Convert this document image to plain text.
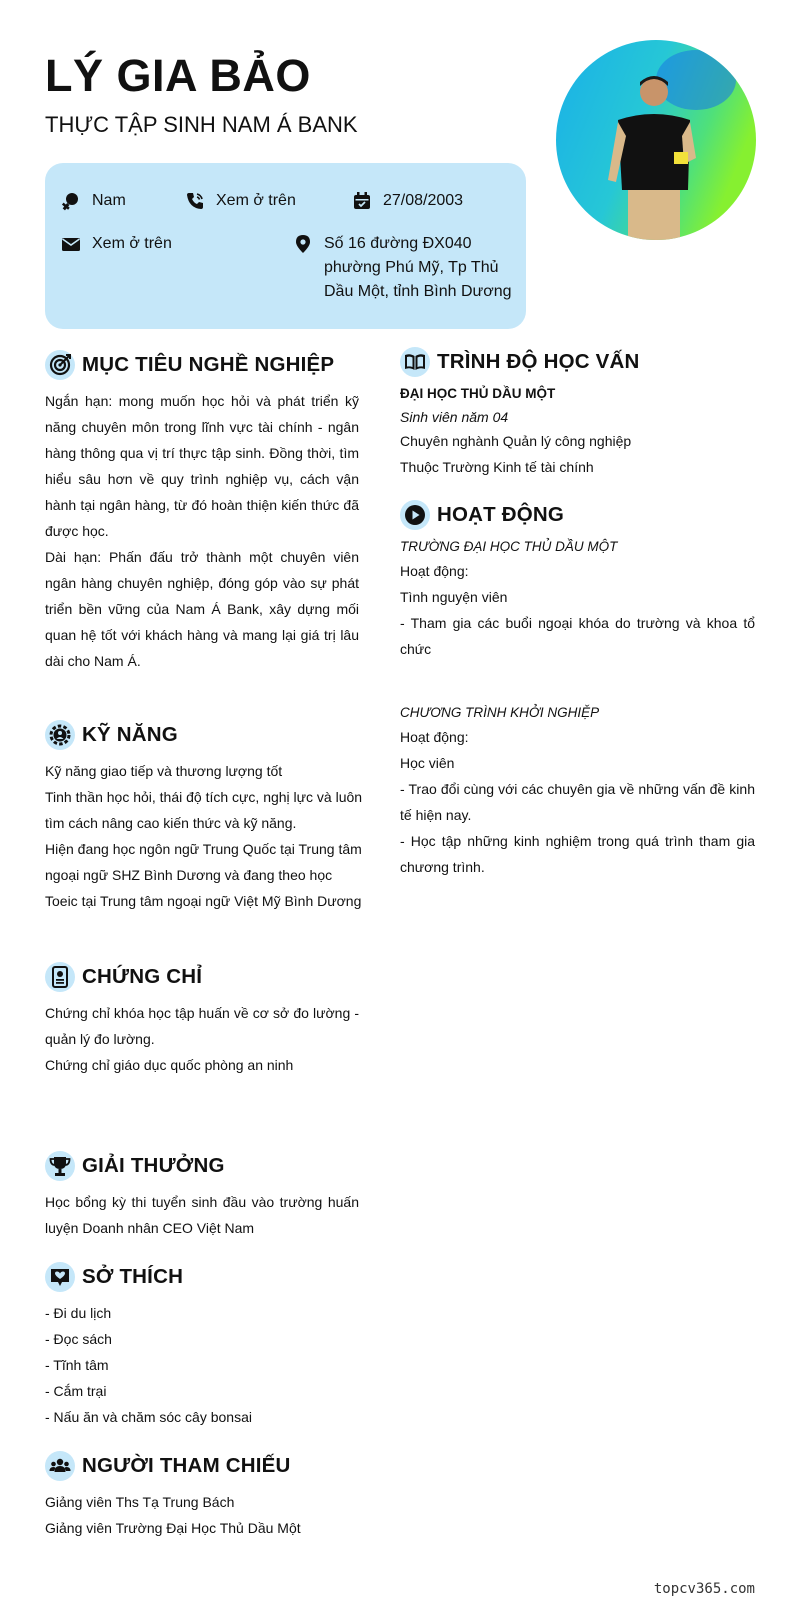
LÝ GIA BẢO
THỰC TẬP SINH NAM Á BANK
Nam	Xem ở trên	27/08/2003
Xem ở trên	Số 16 đường ĐX040
phường Phú Mỹ, Tp Thủ
Dầu Một, tỉnh Bình Dương
MỤC TIÊU NGHỀ NGHIỆP

Ngắn hạn: mong muốn học hỏi và phát triển kỹ năng chuyên môn trong lĩnh vực tài chính - ngân hàng thông qua vị trí thực tập sinh. Đồng thời, tìm hiểu sâu hơn về quy trình nghiệp vụ, cách vận hành tại ngân hàng, từ đó hoàn thiện kiến thức đã được học.

Dài hạn: Phấn đấu trở thành một chuyên viên ngân hàng chuyên nghiệp, đóng góp vào sự phát triển bền vững của Nam Á Bank, xây dựng mối quan hệ tốt với khách hàng và mang lại giá trị lâu dài cho Nam Á.

KỸ NĂNG

Kỹ năng giao tiếp và thương lượng tốt

Tinh thần học hỏi, thái độ tích cực, nghị lực và luôn

tìm cách nâng cao kiến thức và kỹ năng.

Hiện đang học ngôn ngữ Trung Quốc tại Trung tâm

ngoại ngữ SHZ Bình Dương và đang theo học

Toeic tại Trung tâm ngoại ngữ Việt Mỹ Bình Dương

CHỨNG CHỈ

Chứng chỉ khóa học tập huấn về cơ sở đo lường - quản lý đo lường.

Chứng chỉ giáo dục quốc phòng an ninh

GIẢI THƯỞNG

Học bổng kỳ thi tuyển sinh đầu vào trường huấn luyện Doanh nhân CEO Việt Nam

SỞ THÍCH

- Đi du lịch

- Đọc sách

- Tĩnh tâm

- Cắm trại

- Nấu ăn và chăm sóc cây bonsai

NGƯỜI THAM CHIẾU

Giảng viên Ths Tạ Trung Bách

Giảng viên Trường Đại Học Thủ Dầu Một

TRÌNH ĐỘ HỌC VẤN

ĐẠI HỌC THỦ DẦU MỘT

Sinh viên năm 04

Chuyên nghành Quản lý công nghiệp

Thuộc Trường Kinh tế tài chính

HOẠT ĐỘNG

TRƯỜNG ĐẠI HỌC THỦ DẦU MỘT

Hoạt động:

Tình nguyện viên

- Tham gia các buổi ngoại khóa do trường và khoa tổ chức

CHƯƠNG TRÌNH KHỞI NGHIỆP

Hoạt động:

Học viên

- Trao đổi cùng với các chuyên gia về những vấn đề kinh tế hiện nay.

- Học tập những kinh nghiệm trong quá trình tham gia chương trình.

topcv365.com
